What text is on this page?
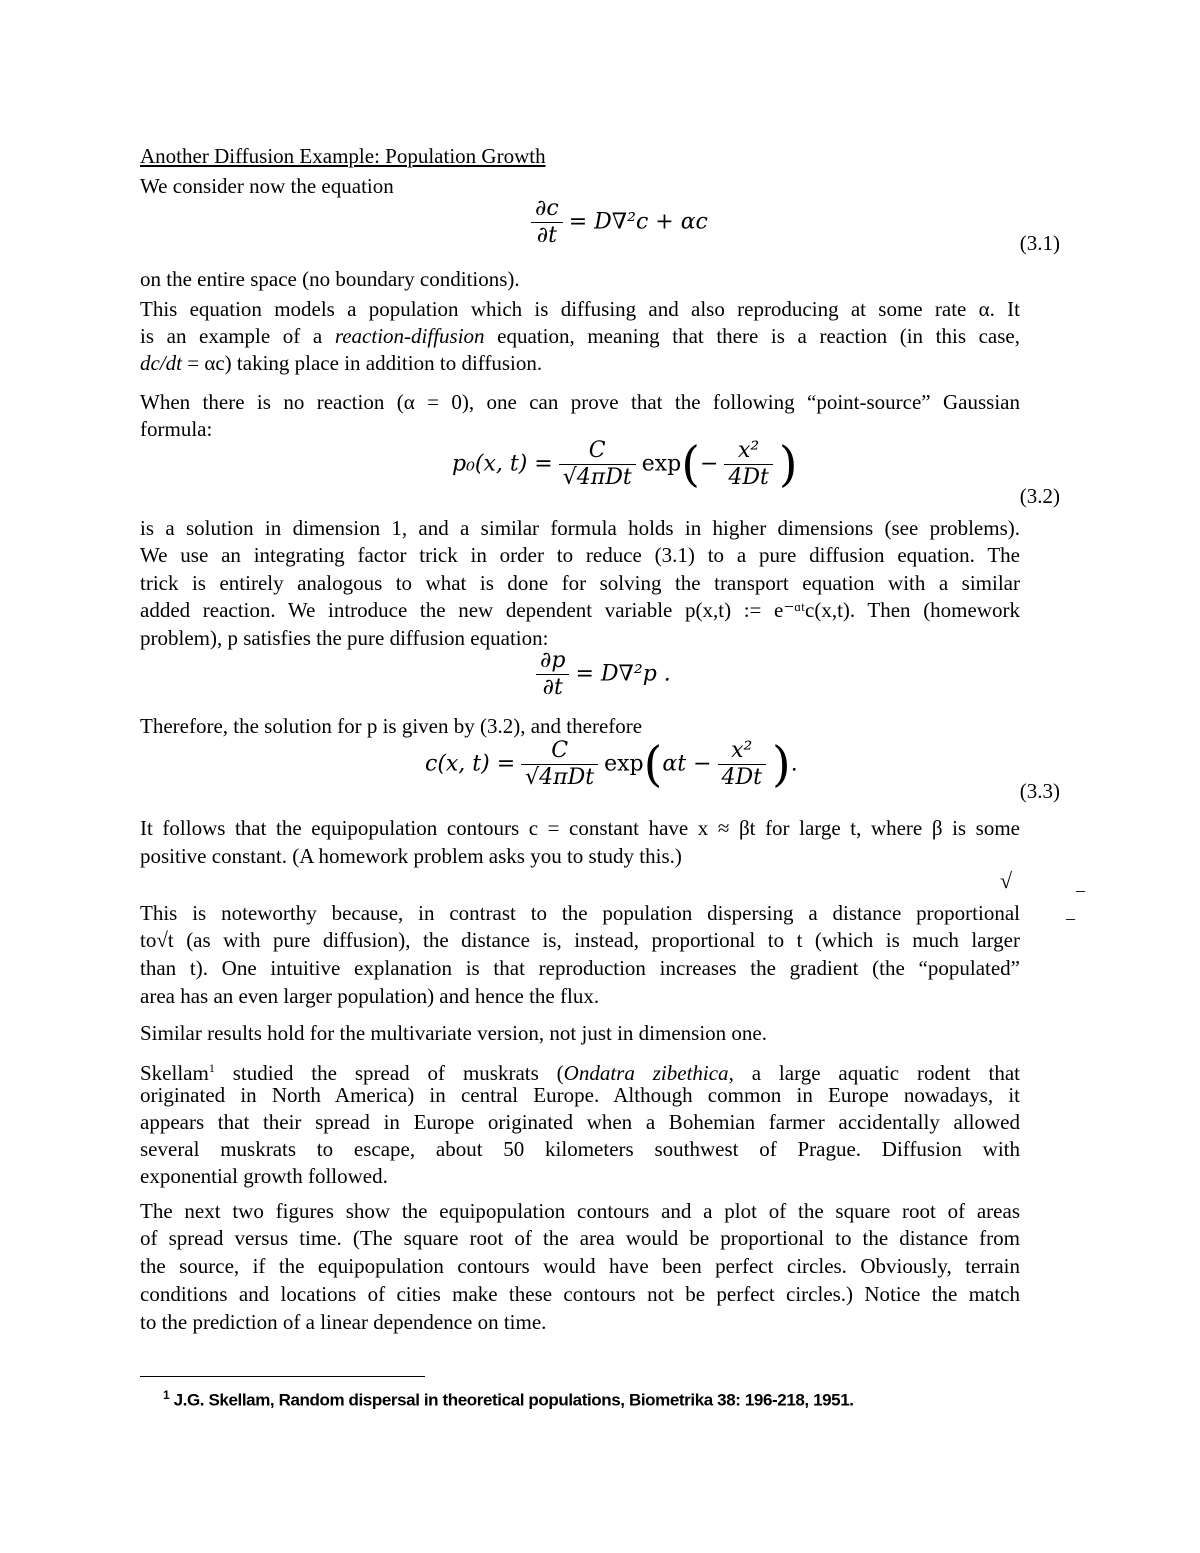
Another Diffusion Example: Population Growth
We consider now the equation
$\frac{\partial c}{\partial t} = D\nabla^2c + \alpha c$
(3.1)
on the entire space (no boundary conditions).
This equation models a population which is diffusing and also reproducing at some rate α. It
is an example of a reaction-diffusion equation, meaning that there is a reaction (in this case,
dc/dt = αc) taking place in addition to diffusion.
When there is no reaction (α = 0), one can prove that the following “point-source” Gaussian
formula:
p₀(x, $t) = \frac{C}{\text{√4πDt}} \exp(- \frac{\text{x²}}{4Dt}$ )
(3.2)
is a solution in dimension 1, and a similar formula holds in higher dimensions (see problems).
We use an integrating factor trick in order to reduce (3.1) to a pure diffusion equation. The
trick is entirely analogous to what is done for solving the transport equation with a similar
added reaction. We introduce the new dependent variable p(x,t) := e⁻ᵅᵗc(x,t). Then (homework
problem), p satisfies the pure diffusion equation:
$\frac{\partial p}{\partial t} = D\nabla^2p$ .
Therefore, the solution for p is given by (3.2), and therefore
c(x, $t) = \frac{C}{\text{√4πDt}} \exp(\alpha t - \frac{\text{x²}}{4Dt}$ ).
(3.3)
It follows that the equipopulation contours c = constant have x ≈ βt for large t, where β is some
positive constant. (A homework problem asks you to study this.)
√	–
–
This is noteworthy because, in contrast to the population dispersing a distance proportional
to√t (as with pure diffusion), the distance is, instead, proportional to t (which is much larger
than t). One intuitive explanation is that reproduction increases the gradient (the “populated”
area has an even larger population) and hence the flux.
Similar results hold for the multivariate version, not just in dimension one.
Skellam$^1$ studied the spread of muskrats (Ondatra zibethica, a large aquatic rodent that
originated in North America) in central Europe. Although common in Europe nowadays, it
appears that their spread in Europe originated when a Bohemian farmer accidentally allowed
several muskrats to escape, about 50 kilometers southwest of Prague. Diffusion with
exponential growth followed.
The next two figures show the equipopulation contours and a plot of the square root of areas
of spread versus time. (The square root of the area would be proportional to the distance from
the source, if the equipopulation contours would have been perfect circles. Obviously, terrain
conditions and locations of cities make these contours not be perfect circles.) Notice the match
to the prediction of a linear dependence on time.
$^1$ J.G. Skellam, Random dispersal in theoretical populations, Biometrika 38: 196-218, 1951.
